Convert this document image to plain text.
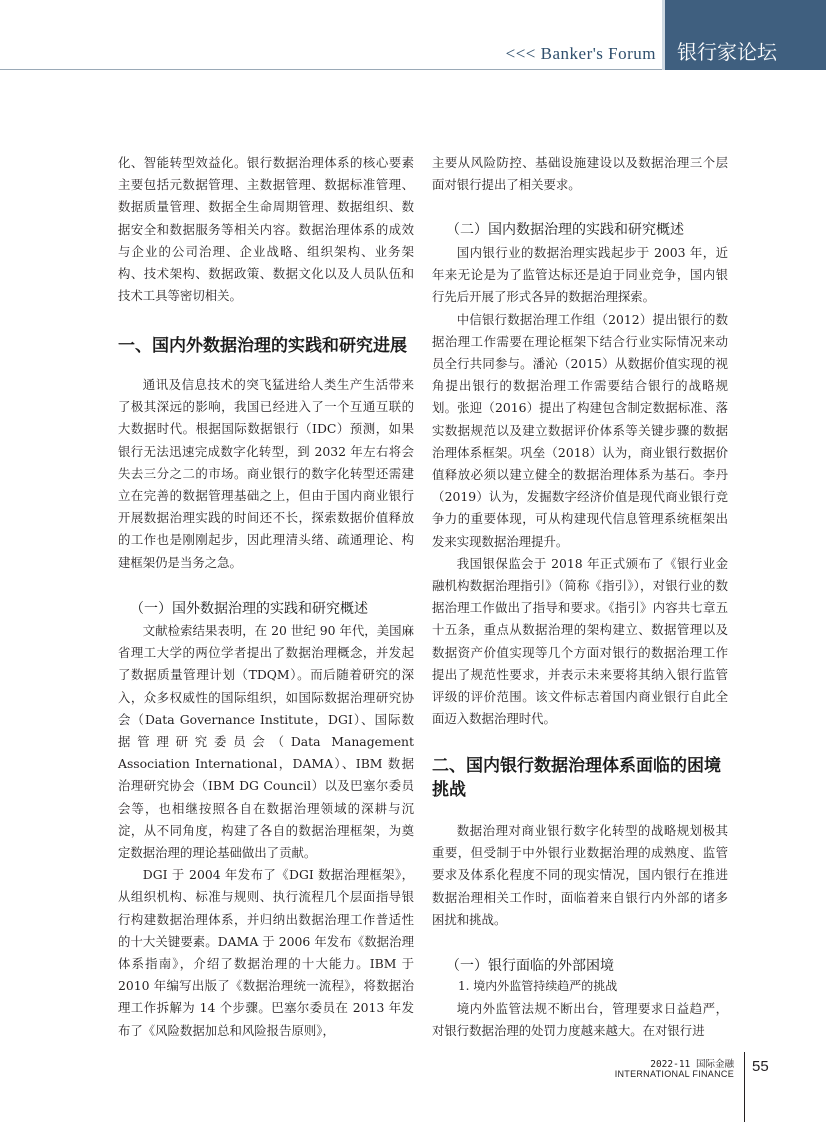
<<< Banker's Forum 银行家论坛

化、智能转型效益化。银行数据治理体系的核心要素主要包括元数据管理、主数据管理、数据标准管理、数据质量管理、数据全生命周期管理、数据组织、数据安全和数据服务等相关内容。数据治理体系的成效与企业的公司治理、企业战略、组织架构、业务架构、技术架构、数据政策、数据文化以及人员队伍和技术工具等密切相关。

一、国内外数据治理的实践和研究进展

通讯及信息技术的突飞猛进给人类生产生活带来了极其深远的影响，我国已经进入了一个互通互联的大数据时代。根据国际数据银行（IDC）预测，如果银行无法迅速完成数字化转型，到 2032 年左右将会失去三分之二的市场。商业银行的数字化转型还需建立在完善的数据管理基础之上，但由于国内商业银行开展数据治理实践的时间还不长，探索数据价值释放的工作也是刚刚起步，因此理清头绪、疏通理论、构建框架仍是当务之急。

（一）国外数据治理的实践和研究概述

文献检索结果表明，在 20 世纪 90 年代，美国麻省理工大学的两位学者提出了数据治理概念，并发起了数据质量管理计划（TDQM）。而后随着研究的深入，众多权威性的国际组织，如国际数据治理研究协会（Data Governance Institute，DGI）、国际数据管理研究委员会（Data Management Association International，DAMA）、IBM 数据治理研究协会（IBM DG Council）以及巴塞尔委员会等，也相继按照各自在数据治理领域的深耕与沉淀，从不同角度，构建了各自的数据治理框架，为奠定数据治理的理论基础做出了贡献。

DGI 于 2004 年发布了《DGI 数据治理框架》，从组织机构、标准与规则、执行流程几个层面指导银行构建数据治理体系，并归纳出数据治理工作普适性的十大关键要素。DAMA 于 2006 年发布《数据治理体系指南》，介绍了数据治理的十大能力。IBM 于 2010 年编写出版了《数据治理统一流程》，将数据治理工作拆解为 14 个步骤。巴塞尔委员在 2013 年发布了《风险数据加总和风险报告原则》，

主要从风险防控、基础设施建设以及数据治理三个层面对银行提出了相关要求。

（二）国内数据治理的实践和研究概述

国内银行业的数据治理实践起步于 2003 年，近年来无论是为了监管达标还是迫于同业竞争，国内银行先后开展了形式各异的数据治理探索。

中信银行数据治理工作组（2012）提出银行的数据治理工作需要在理论框架下结合行业实际情况来动员全行共同参与。潘沁（2015）从数据价值实现的视角提出银行的数据治理工作需要结合银行的战略规划。张迎（2016）提出了构建包含制定数据标准、落实数据规范以及建立数据评价体系等关键步骤的数据治理体系框架。巩垒（2018）认为，商业银行数据价值释放必须以建立健全的数据治理体系为基石。李丹（2019）认为，发掘数字经济价值是现代商业银行竞争力的重要体现，可从构建现代信息管理系统框架出发来实现数据治理提升。

我国银保监会于 2018 年正式颁布了《银行业金融机构数据治理指引》（简称《指引》），对银行业的数据治理工作做出了指导和要求。《指引》内容共七章五十五条，重点从数据治理的架构建立、数据管理以及数据资产价值实现等几个方面对银行的数据治理工作提出了规范性要求，并表示未来要将其纳入银行监管评级的评价范围。该文件标志着国内商业银行自此全面迈入数据治理时代。

二、国内银行数据治理体系面临的困境挑战

数据治理对商业银行数字化转型的战略规划极其重要，但受制于中外银行业数据治理的成熟度、监管要求及体系化程度不同的现实情况，国内银行在推进数据治理相关工作时，面临着来自银行内外部的诸多困扰和挑战。

（一）银行面临的外部困境

1. 境内外监管持续趋严的挑战

境内外监管法规不断出台，管理要求日益趋严，对银行数据治理的处罚力度越来越大。在对银行进

2022-11 国际金融
INTERNATIONAL FINANCE 55
